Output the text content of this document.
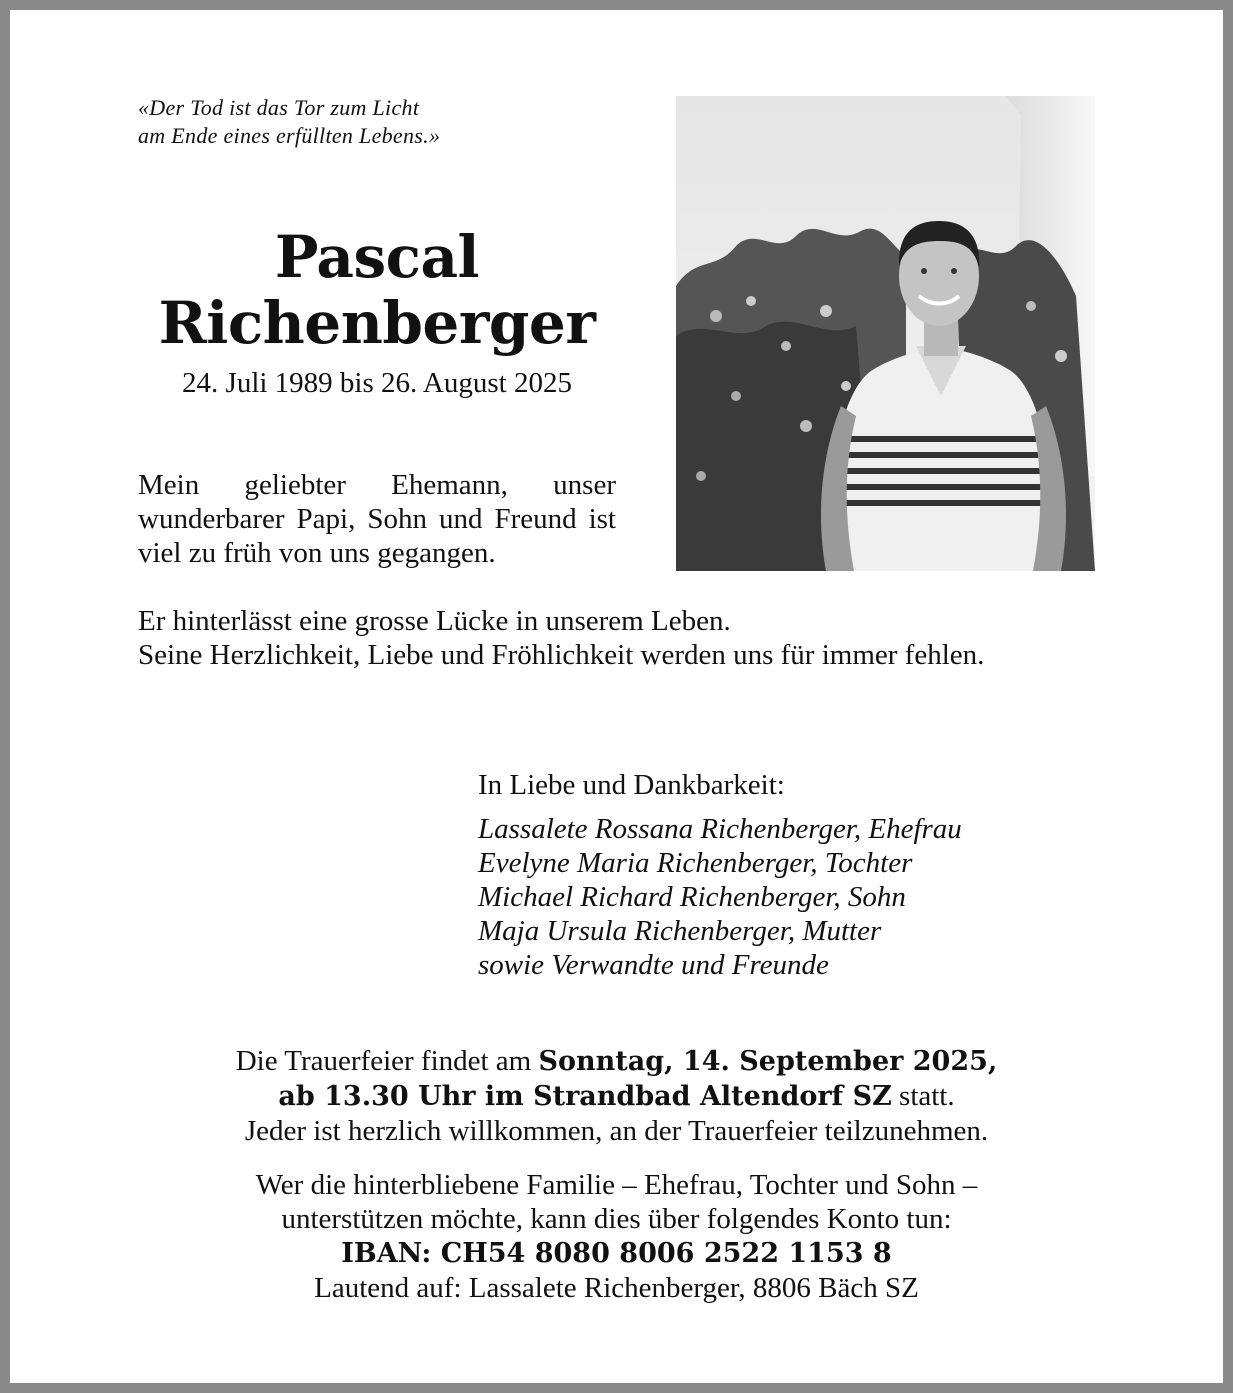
«Der Tod ist das Tor zum Licht
am Ende eines erfüllten Lebens.»
Pascal
Richenberger
24. Juli 1989 bis 26. August 2025
Mein geliebter Ehemann, unser wunderbarer Papi, Sohn und Freund ist viel zu früh von uns gegangen.
Er hinterlässt eine grosse Lücke in unserem Leben.
Seine Herzlichkeit, Liebe und Fröhlichkeit werden uns für immer fehlen.
In Liebe und Dankbarkeit:
Lassalete Rossana Richenberger, Ehefrau
Evelyne Maria Richenberger, Tochter
Michael Richard Richenberger, Sohn
Maja Ursula Richenberger, Mutter
sowie Verwandte und Freunde
Die Trauerfeier findet am Sonntag, 14. September 2025,
ab 13.30 Uhr im Strandbad Altendorf SZ statt.
Jeder ist herzlich willkommen, an der Trauerfeier teilzunehmen.
Wer die hinterbliebene Familie – Ehefrau, Tochter und Sohn –
unterstützen möchte, kann dies über folgendes Konto tun:
IBAN: CH54 8080 8006 2522 1153 8
Lautend auf: Lassalete Richenberger, 8806 Bäch SZ
